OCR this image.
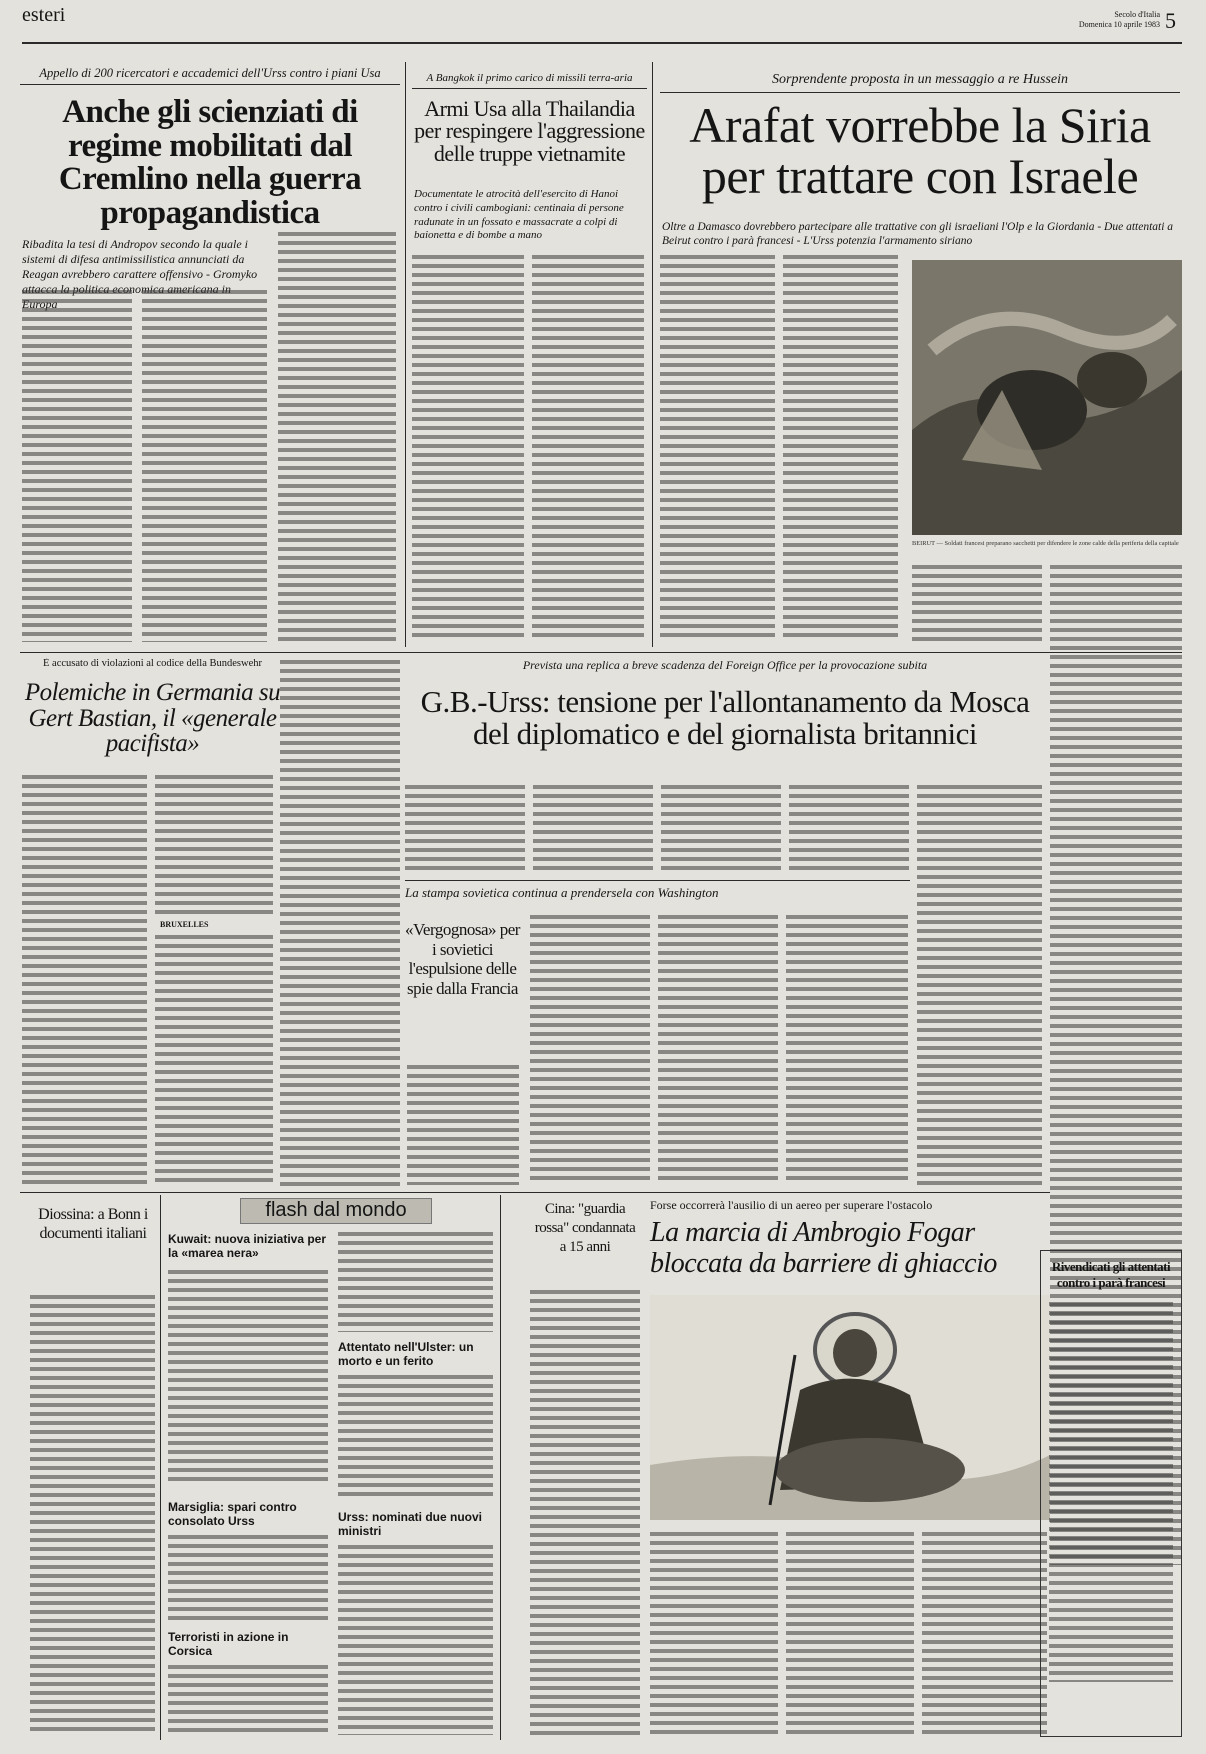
esteri	Secolo d'Italia
Domenica 10 aprile 1983 5
Appello di 200 ricercatori e accademici dell'Urss contro i piani Usa
Anche gli scienziati di regime mobilitati dal Cremlino nella guerra propagandistica
Ribadita la tesi di Andropov secondo la quale i sistemi di difesa antimissilistica annunciati da Reagan avrebbero carattere offensivo - Gromyko attacca la politica economica americana in Europa
A Bangkok il primo carico di missili terra-aria
Armi Usa alla Thailandia per respingere l'aggressione delle truppe vietnamite
Documentate le atrocità dell'esercito di Hanoi contro i civili cambogiani: centinaia di persone radunate in un fossato e massacrate a colpi di baionetta e di bombe a mano
Sorprendente proposta in un messaggio a re Hussein
Arafat vorrebbe la Siria per trattare con Israele
Oltre a Damasco dovrebbero partecipare alle trattative con gli israeliani l'Olp e la Giordania - Due attentati a Beirut contro i parà francesi - L'Urss potenzia l'armamento siriano
BEIRUT — Soldati francesi preparano sacchetti per difendere le zone calde della periferia della capitale
È accusato di violazioni al codice della Bundeswehr
Polemiche in Germania su Gert Bastian, il «generale pacifista»
BRUXELLES
Prevista una replica a breve scadenza del Foreign Office per la provocazione subita
G.B.-Urss: tensione per l'allontanamento da Mosca del diplomatico e del giornalista britannici
La stampa sovietica continua a prendersela con Washington
«Vergognosa» per i sovietici l'espulsione delle spie dalla Francia
Diossina: a Bonn i documenti italiani
flash dal mondo
Kuwait: nuova iniziativa per la «marea nera»
Marsiglia: spari contro consolato Urss
Terroristi in azione in Corsica
Attentato nell'Ulster: un morto e un ferito
Urss: nominati due nuovi ministri
Cina: "guardia rossa" condannata a 15 anni
Forse occorrerà l'ausilio di un aereo per superare l'ostacolo
La marcia di Ambrogio Fogar bloccata da barriere di ghiaccio	Rivendicati gli attentati contro i parà francesi
